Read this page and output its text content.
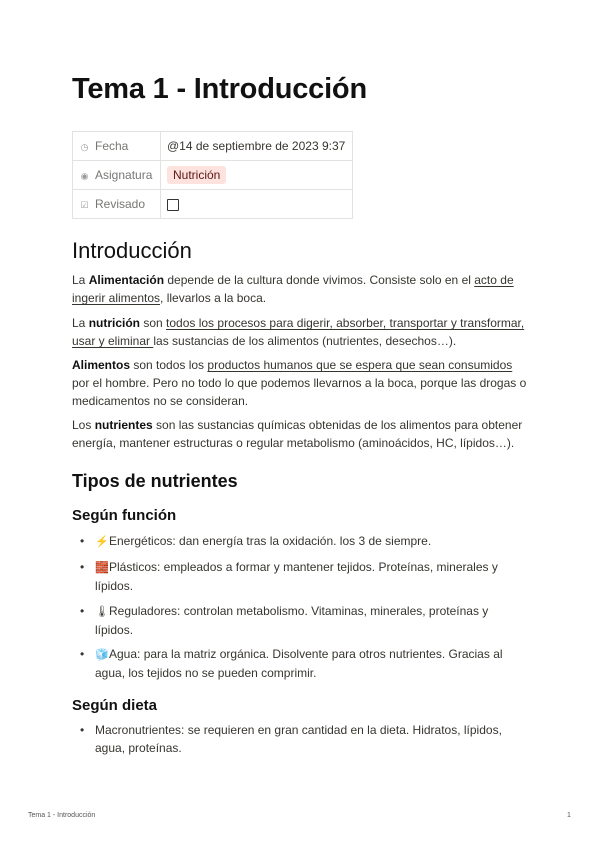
Tema 1 - Introducción
◷ Fecha	@14 de septiembre de 2023 9:37
◉ Asignatura	Nutrición
☑ Revisado	
Introducción

La Alimentación depende de la cultura donde vivimos. Consiste solo en el acto de ingerir alimentos, llevarlos a la boca.

La nutrición son todos los procesos para digerir, absorber, transportar y transformar, usar y eliminar las sustancias de los alimentos (nutrientes, desechos…).

Alimentos son todos los productos humanos que se espera que sean consumidos por el hombre. Pero no todo lo que podemos llevarnos a la boca, porque las drogas o medicamentos no se consideran.

Los nutrientes son las sustancias químicas obtenidas de los alimentos para obtener energía, mantener estructuras o regular metabolismo (aminoácidos, HC, lípidos…).

Tipos de nutrientes
Según función
• ⚡Energéticos: dan energía tras la oxidación. los 3 de siempre.
• 🧱Plásticos: empleados a formar y mantener tejidos. Proteínas, minerales y lípidos.
• 🌡Reguladores: controlan metabolismo. Vitaminas, minerales, proteínas y lípidos.
• 🧊Agua: para la matriz orgánica. Disolvente para otros nutrientes. Gracias al agua, los tejidos no se pueden comprimir.
Según dieta
• Macronutrientes: se requieren en gran cantidad en la dieta. Hidratos, lípidos, agua, proteínas.
Tema 1 - Introducción	1
